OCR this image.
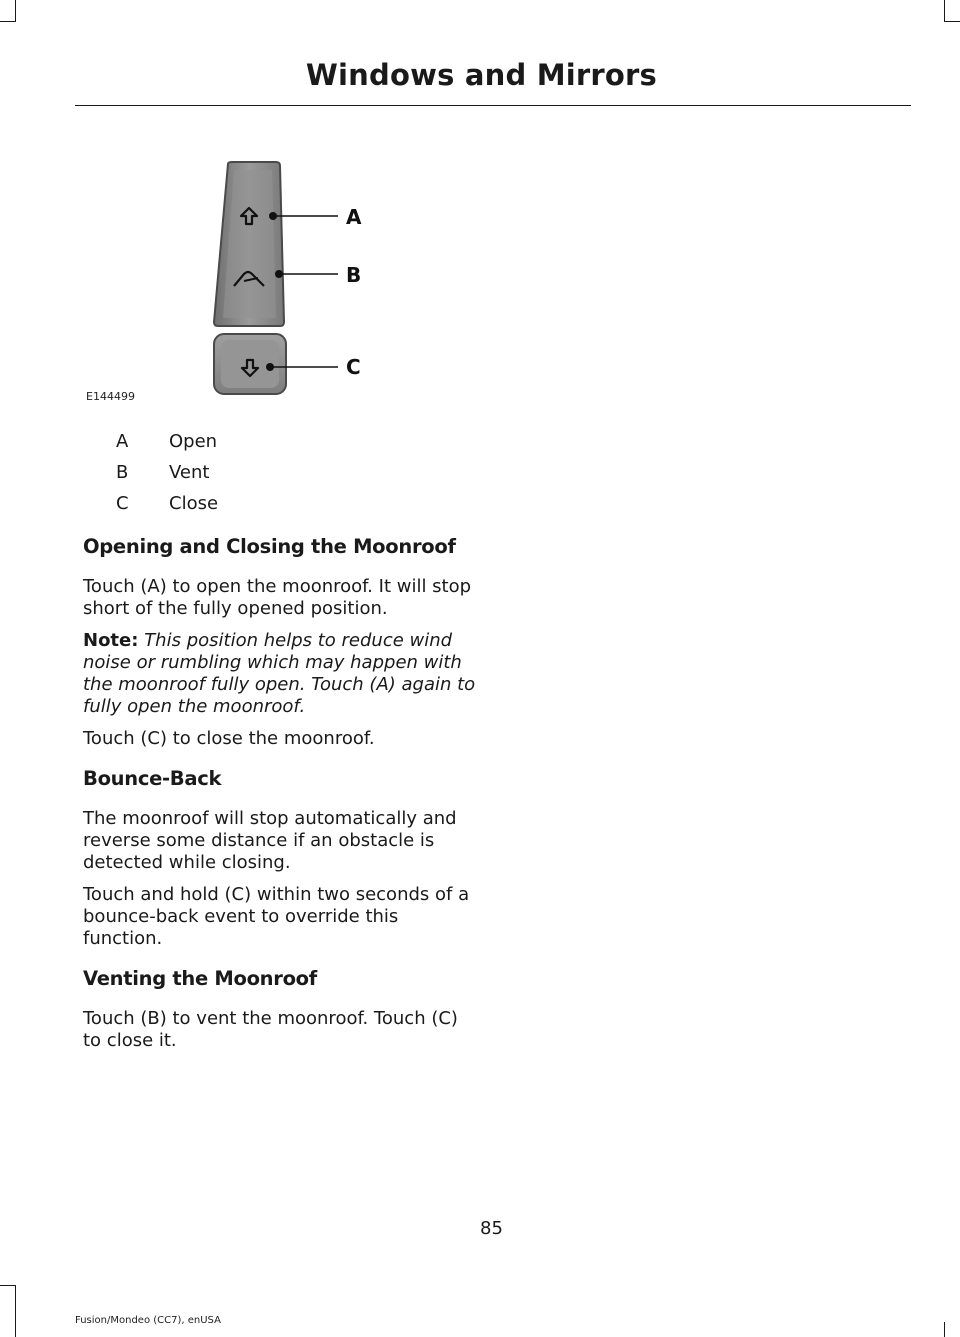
Windows and Mirrors
A
B
C
E144499
A	Open
B	Vent
C	Close
Opening and Closing the Moonroof

Touch (A) to open the moonroof. It will stop short of the fully opened position.

Note: This position helps to reduce wind noise or rumbling which may happen with the moonroof fully open. Touch (A) again to fully open the moonroof.

Touch (C) to close the moonroof.

Bounce-Back

The moonroof will stop automatically and reverse some distance if an obstacle is detected while closing.

Touch and hold (C) within two seconds of a bounce-back event to override this function.

Venting the Moonroof

Touch (B) to vent the moonroof. Touch (C) to close it.

85
Fusion/Mondeo (CC7), enUSA
